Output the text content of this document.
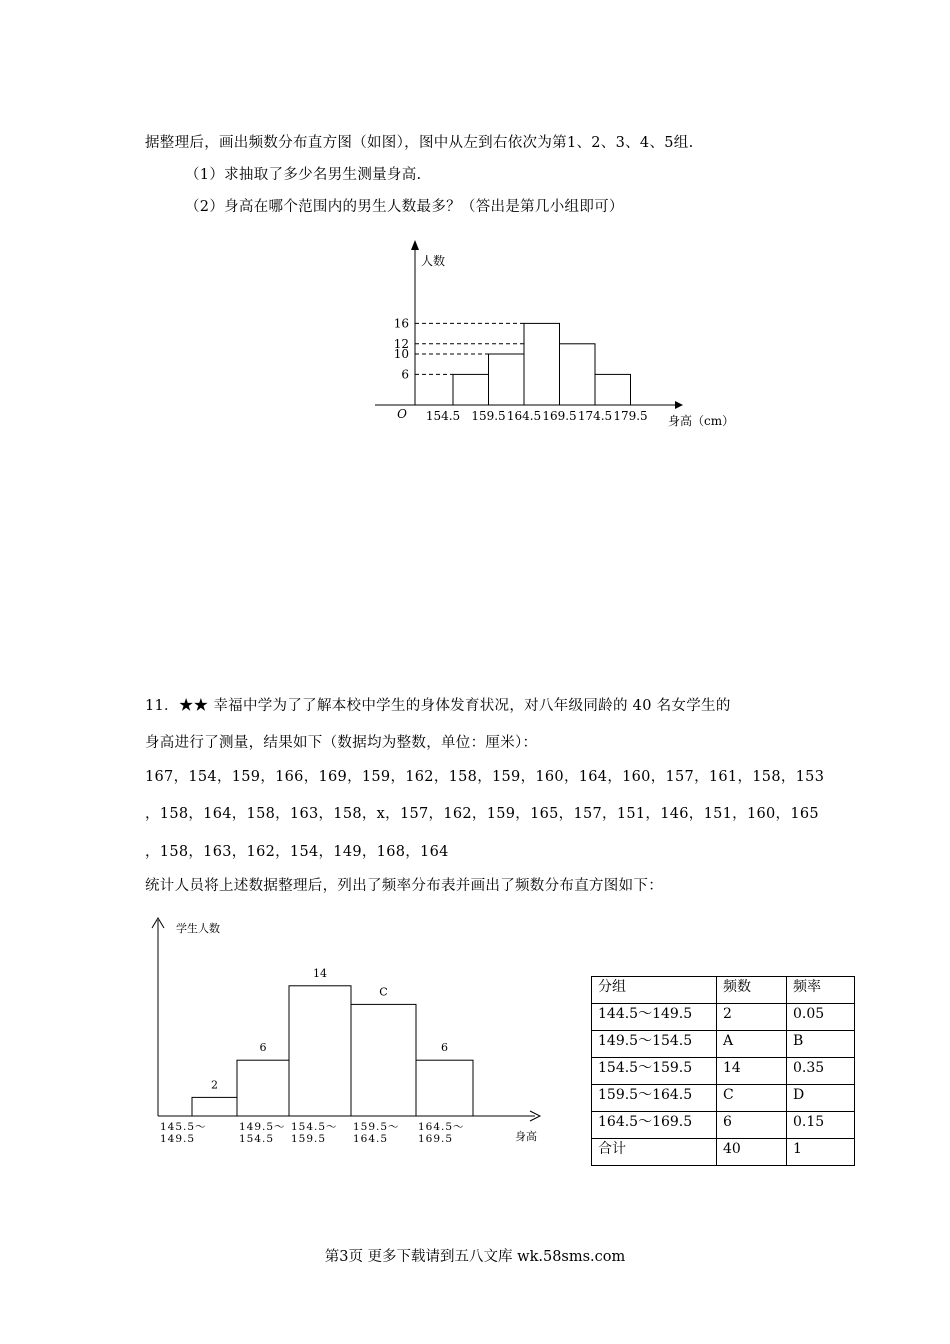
据整理后，画出频数分布直方图（如图），图中从左到右依次为第1、2、3、4、5组.
（1）求抽取了多少名男生测量身高.
（2）身高在哪个范围内的男生人数最多？（答出是第几小组即可）
6
10
12
16
人数
O	身高（cm）
154.5 159.5 164.5 169.5 174.5 179.5
11．★★ 幸福中学为了了解本校中学生的身体发育状况，对八年级同龄的 40 名女学生的
身高进行了测量，结果如下（数据均为整数，单位：厘米）：
167，154，159，166，169，159，162，158，159，160，164，160，157，161，158，153
，158，164，158，163，158，x，157，162，159，165，157，151，146，151，160，165
，158，163，162，154，149，168，164
统计人员将上述数据整理后，列出了频率分布表并画出了频数分布直方图如下：
学生人数
身高
2
6
14
C
6
145.5～
149.5
149.5～
154.5
154.5～
159.5
159.5～
164.5
164.5～
169.5
分组	频数	频率
144.5～149.5	2	0.05
149.5～154.5	A	B
154.5～159.5	14	0.35
159.5～164.5	C	D
164.5～169.5	6	0.15
合计	40	1
第3页 更多下载请到五八文库 wk.58sms.com
